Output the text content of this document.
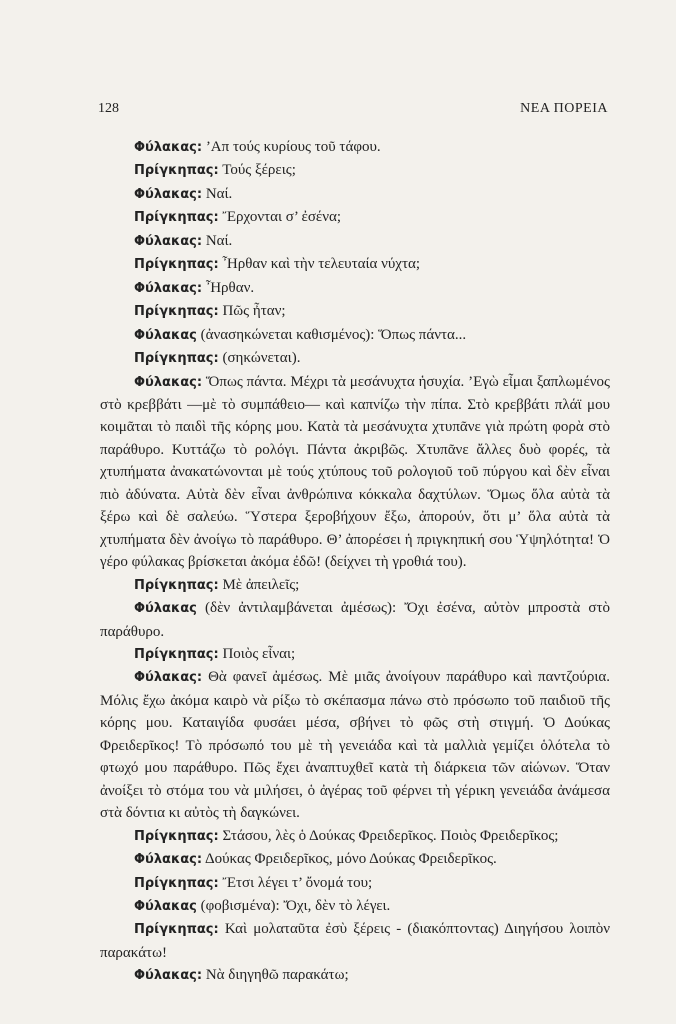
128	ΝΕΑ ΠΟΡΕΙΑ

Φύλακας: ’Απ τούς κυρίους τοῦ τάφου.

Πρίγκηπας: Τούς ξέρεις;

Φύλακας: Ναί.

Πρίγκηπας: Ἔρχονται σ’ ἐσένα;

Φύλακας: Ναί.

Πρίγκηπας: Ἦρθαν καὶ τὴν τελευταία νύχτα;

Φύλακας: Ἦρθαν.

Πρίγκηπας: Πῶς ἦταν;

Φύλακας (ἀνασηκώνεται καθισμένος): Ὅπως πάντα...

Πρίγκηπας: (σηκώνεται).

Φύλακας: Ὅπως πάντα. Μέχρι τὰ μεσάνυχτα ἡσυχία. ’Εγὼ εἶμαι ξαπλωμένος στὸ κρεββάτι —μὲ τὸ συμπάθειο— καὶ καπνίζω τὴν πίπα. Στὸ κρεββάτι πλάϊ μου κοιμᾶται τὸ παιδὶ τῆς κόρης μου. Κατὰ τὰ μεσάνυχτα χτυπᾶνε γιὰ πρώτη φορὰ στὸ παράθυρο. Κυττάζω τὸ ρολόγι. Πάντα ἀκριβῶς. Χτυπᾶνε ἄλλες δυὸ φορές, τὰ χτυπήματα ἀνακατώνονται μὲ τούς χτύπους τοῦ ρολογιοῦ τοῦ πύργου καὶ δὲν εἶναι πιὸ ἀδύνατα. Αὐτὰ δὲν εἶναι ἀνθρώπινα κόκκαλα δαχτύλων. Ὅμως ὅλα αὐτὰ τὰ ξέρω καὶ δὲ σαλεύω. Ὕστερα ξεροβήχουν ἔξω, ἀπορούν, ὅτι μ’ ὅλα αὐτὰ τὰ χτυπήματα δὲν ἀνοίγω τὸ παράθυρο. Θ’ ἀπορέσει ἡ πριγκηπική σου Ὑψηλότητα! Ὁ γέρο φύλακας βρίσκεται ἀκόμα ἐδῶ! (δείχνει τὴ γροθιά του).

Πρίγκηπας: Μὲ ἀπειλεῖς;

Φύλακας (δὲν ἀντιλαμβάνεται ἀμέσως): Ὄχι ἐσένα, αὐτὸν μπροστὰ στὸ παράθυρο.

Πρίγκηπας: Ποιὸς εἶναι;

Φύλακας: Θὰ φανεῖ ἀμέσως. Μὲ μιᾶς ἀνοίγουν παράθυρο καὶ παντζούρια. Μόλις ἔχω ἀκόμα καιρὸ νὰ ρίξω τὸ σκέπασμα πάνω στὸ πρόσωπο τοῦ παιδιοῦ τῆς κόρης μου. Καταιγίδα φυσάει μέσα, σβήνει τὸ φῶς στὴ στιγμή. Ὁ Δούκας Φρειδερῖκος! Τὸ πρόσωπό του μὲ τὴ γενειάδα καὶ τὰ μαλλιὰ γεμίζει ὁλότελα τὸ φτωχό μου παράθυρο. Πῶς ἔχει ἀναπτυχθεῖ κατὰ τὴ διάρκεια τῶν αἰώνων. Ὅταν ἀνοίξει τὸ στόμα του νὰ μιλήσει, ὁ ἀγέρας τοῦ φέρνει τὴ γέρικη γενειάδα ἀνάμεσα στὰ δόντια κι αὐτὸς τὴ δαγκώνει.

Πρίγκηπας: Στάσου, λὲς ὁ Δούκας Φρειδερῖκος. Ποιὸς Φρειδερῖκος;

Φύλακας: Δούκας Φρειδερῖκος, μόνο Δούκας Φρειδερῖκος.

Πρίγκηπας: Ἔτσι λέγει τ’ ὄνομά του;

Φύλακας (φοβισμένα): Ὄχι, δὲν τὸ λέγει.

Πρίγκηπας: Καὶ μολαταῦτα ἐσὺ ξέρεις - (διακόπτοντας) Διηγήσου λοιπὸν παρακάτω!

Φύλακας: Νὰ διηγηθῶ παρακάτω;
